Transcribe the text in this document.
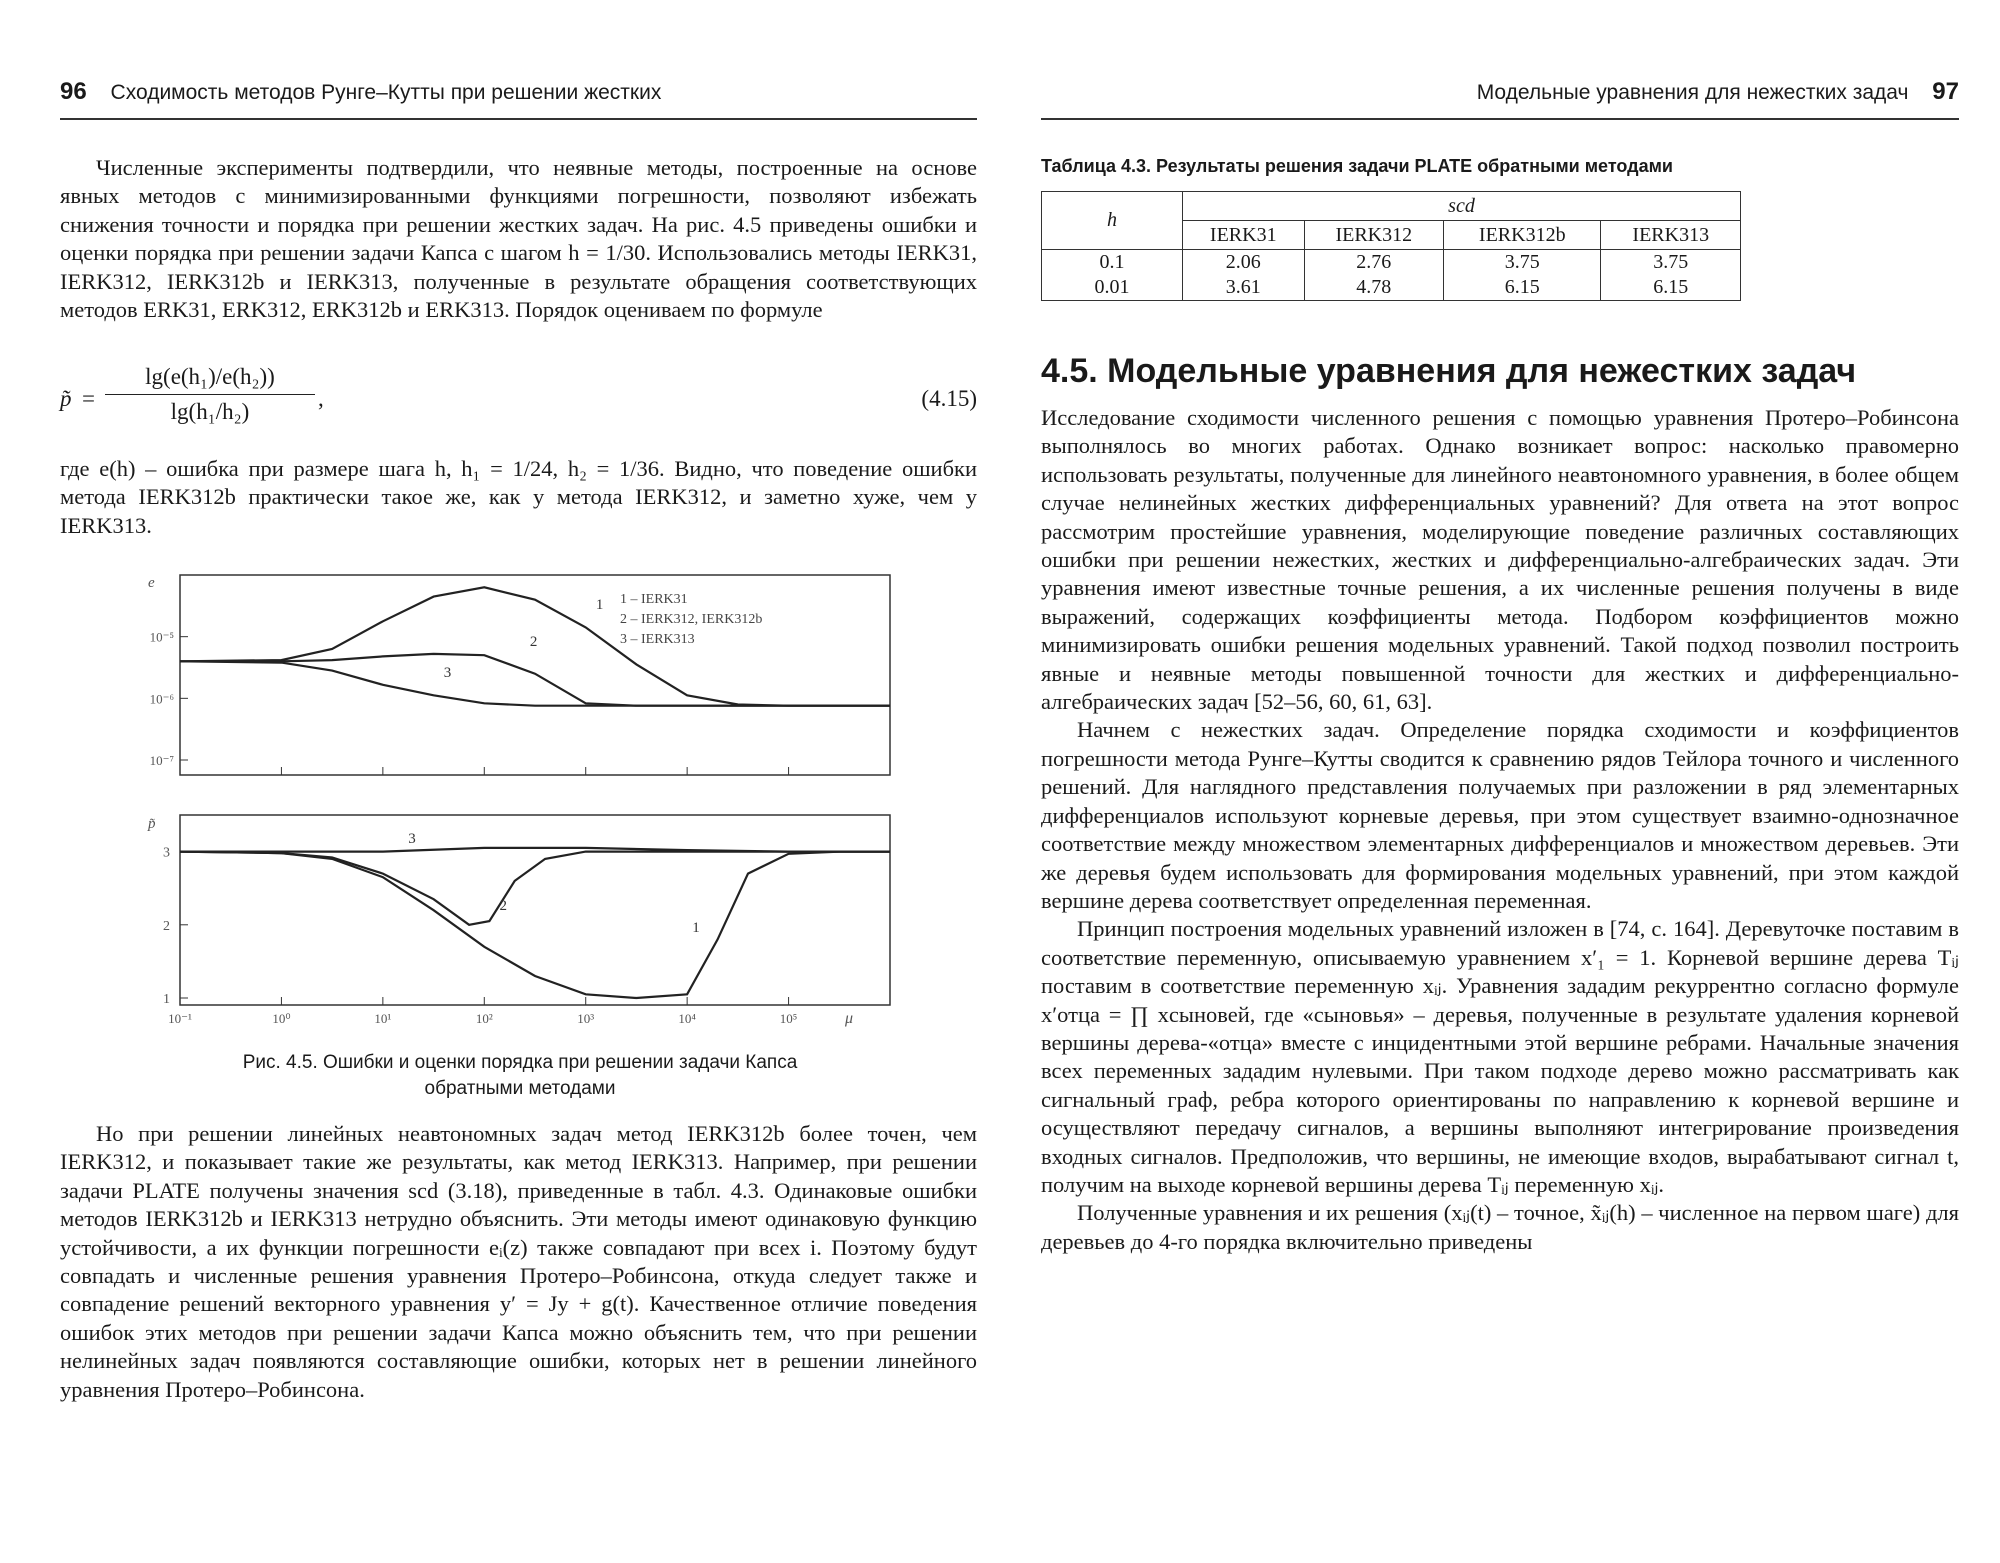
96 Сходимость методов Рунге–Кутты при решении жестких

Численные эксперименты подтвердили, что неявные методы, построенные на основе явных методов с минимизированными функциями погрешности, позволяют избежать снижения точности и порядка при решении жестких задач. На рис. 4.5 приведены ошибки и оценки порядка при решении задачи Капса с шагом h = 1/30. Использовались методы IERK31, IERK312, IERK312b и IERK313, полученные в результате обращения соответствующих методов ERK31, ERK312, ERK312b и ERK313. Порядок оцениваем по формуле

p̃ = $\frac{\text{lg(e(h₁)/e(h₂))}}{\text{lg(h₁/h₂)}}$ ,	(4.15)

где e(h) – ошибка при размере шага h, h₁ = 1/24, h₂ = 1/36. Видно, что поведение ошибки метода IERK312b практически такое же, как у метода IERK312, и заметно хуже, чем у IERK313.

10⁻⁵
10⁻⁶
10⁻⁷
3
2
1
10⁻¹	10⁰	10¹	10²	10³	10⁴	10⁵
1
2
3
1
2
3
1 – IERK31
2 – IERK312, IERK312b
3 – IERK313
e
p̃
μ
Рис. 4.5. Ошибки и оценки порядка при решении задачи Капса
обратными методами

Но при решении линейных неавтономных задач метод IERK312b более точен, чем IERK312, и показывает такие же результаты, как метод IERK313. Например, при решении задачи PLATE получены значения scd (3.18), приведенные в табл. 4.3. Одинаковые ошибки методов IERK312b и IERK313 нетрудно объяснить. Эти методы имеют одинаковую функцию устойчивости, а их функции погрешности eᵢ(z) также совпадают при всех i. Поэтому будут совпадать и численные решения уравнения Протеро–Робинсона, откуда следует также и совпадение решений векторного уравнения y′ = Jy + g(t). Качественное отличие поведения ошибок этих методов при решении задачи Капса можно объяснить тем, что при решении нелинейных задач появляются составляющие ошибки, которых нет в решении линейного уравнения Протеро–Робинсона.

Модельные уравнения для нежестких задач 97
Таблица 4.3. Результаты решения задачи PLATE обратными методами
h	scd			
	IERK31	IERK312	IERK312b	IERK313
0.1	2.06	2.76	3.75	3.75
0.01	3.61	4.78	6.15	6.15
4.5. Модельные уравнения для нежестких задач

Исследование сходимости численного решения с помощью уравнения Протеро–Робинсона выполнялось во многих работах. Однако возникает вопрос: насколько правомерно использовать результаты, полученные для линейного неавтономного уравнения, в более общем случае нелинейных жестких дифференциальных уравнений? Для ответа на этот вопрос рассмотрим простейшие уравнения, моделирующие поведение различных составляющих ошибки при решении нежестких, жестких и дифференциально-алгебраических задач. Эти уравнения имеют известные точные решения, а их численные решения получены в виде выражений, содержащих коэффициенты метода. Подбором коэффициентов можно минимизировать ошибки решения модельных уравнений. Такой подход позволил построить явные и неявные методы повышенной точности для жестких и дифференциально-алгебраических задач [52–56, 60, 61, 63].

Начнем с нежестких задач. Определение порядка сходимости и коэффициентов погрешности метода Рунге–Кутты сводится к сравнению рядов Тейлора точного и численного решений. Для наглядного представления получаемых при разложении в ряд элементарных дифференциалов используют корневые деревья, при этом существует взаимно-однозначное соответствие между множеством элементарных дифференциалов и множеством деревьев. Эти же деревья будем использовать для формирования модельных уравнений, при этом каждой вершине дерева соответствует определенная переменная.

Принцип построения модельных уравнений изложен в [74, с. 164]. Деревуточке поставим в соответствие переменную, описываемую уравнением x′₁ = 1. Корневой вершине дерева Tᵢⱼ поставим в соответствие переменную xᵢⱼ. Уравнения зададим рекуррентно согласно формуле x′отца = ∏ xсыновей, где «сыновья» – деревья, полученные в результате удаления корневой вершины дерева-«отца» вместе с инцидентными этой вершине ребрами. Начальные значения всех переменных зададим нулевыми. При таком подходе дерево можно рассматривать как сигнальный граф, ребра которого ориентированы по направлению к корневой вершине и осуществляют передачу сигналов, а вершины выполняют интегрирование произведения входных сигналов. Предположив, что вершины, не имеющие входов, вырабатывают сигнал t, получим на выходе корневой вершины дерева Tᵢⱼ переменную xᵢⱼ.

Полученные уравнения и их решения (xᵢⱼ(t) – точное, x̃ᵢⱼ(h) – численное на первом шаге) для деревьев до 4-го порядка включительно приведены
